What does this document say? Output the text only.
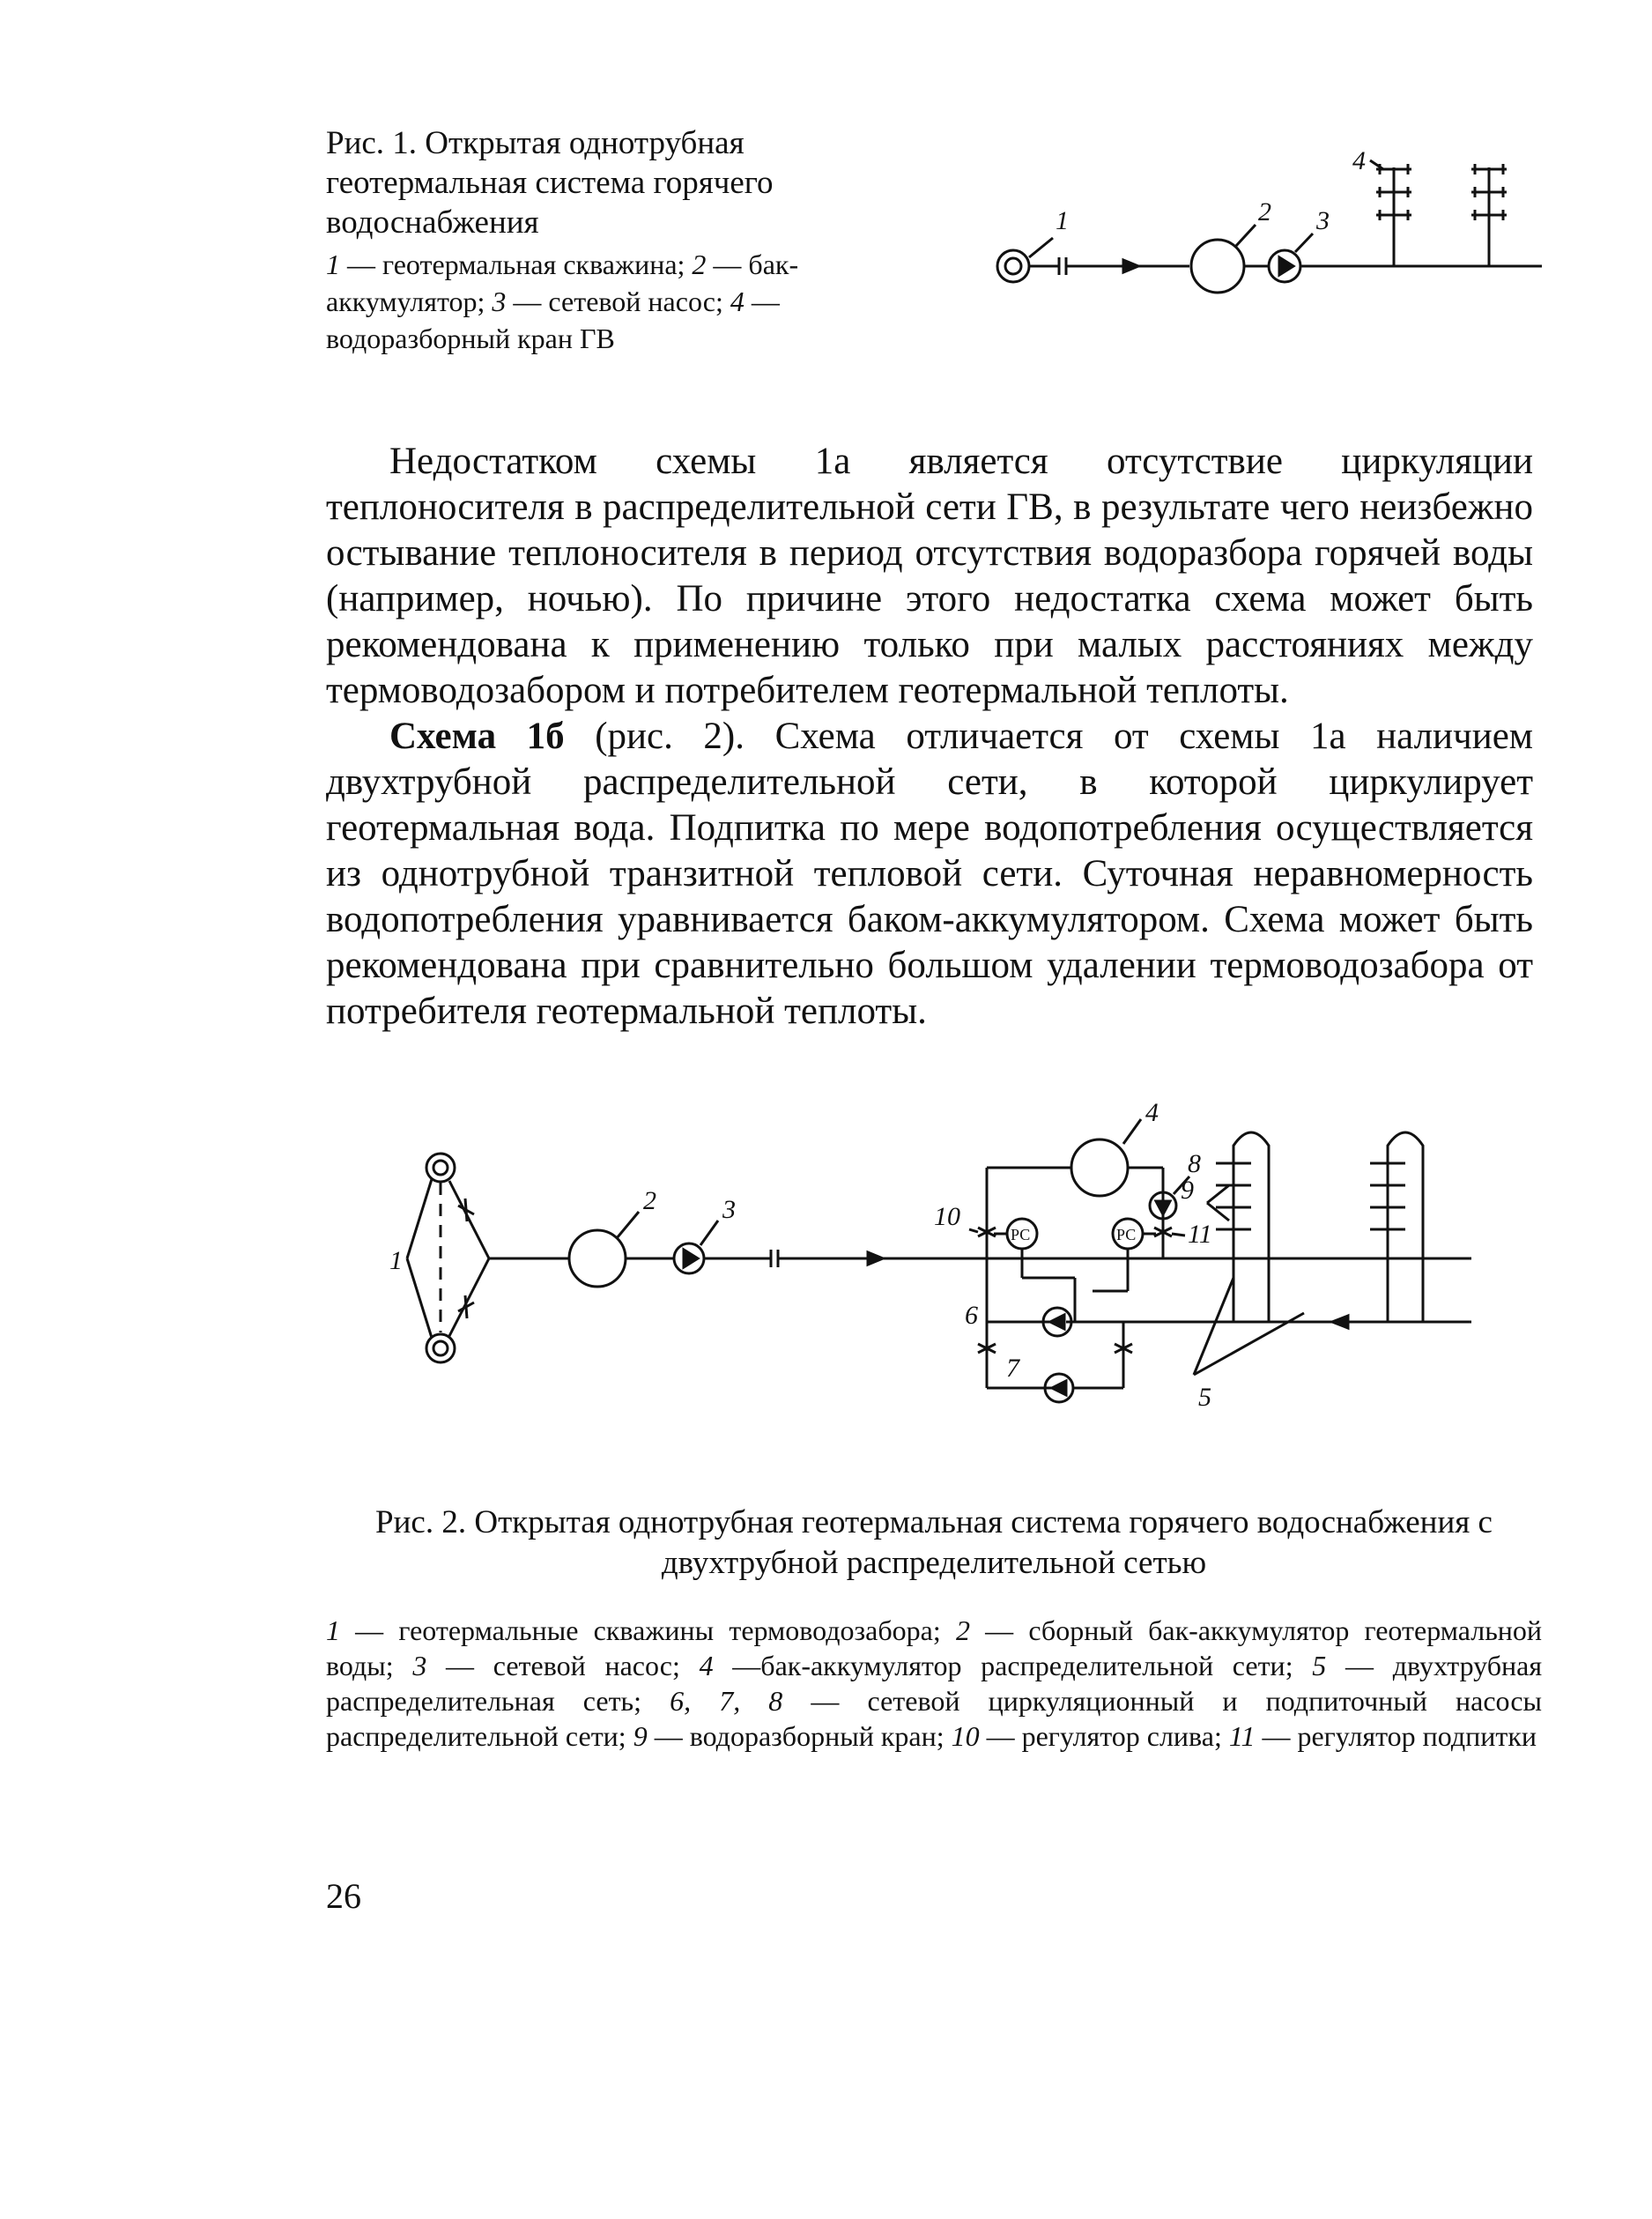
Рис. 1. Открытая однотрубная геотермальная система горячего водоснабжения
1 — геотермальная скважина; 2 — бак-аккумулятор; 3 — сетевой насос; 4 — водоразборный кран ГВ
1	2 3
4

Недостатком схемы 1а является отсутствие циркуляции теплоносителя в распределительной сети ГВ, в результате чего неизбежно остывание теплоносителя в период отсутствия водоразбора горячей воды (например, ночью). По причине этого недостатка схема может быть рекомендована к применению только при малых расстояниях между термоводозабором и потребителем геотермальной теплоты.

Схема 1б (рис. 2). Схема отличается от схемы 1а наличием двухтрубной распределительной сети, в которой циркулирует геотермальная вода. Подпитка по мере водопотребления осуществляется из однотрубной транзитной тепловой сети. Суточная неравномерность водопотребления уравнивается баком-аккумулятором. Схема может быть рекомендована при сравнительно большом удалении термоводозабора от потребителя геотермальной теплоты.

1
2	3
4
5
6
7
8
9
10
11
РС	РС
Рис. 2. Открытая однотрубная геотермальная система горячего водоснабжения с двухтрубной распределительной сетью
1 — геотермальные скважины термоводозабора; 2 — сборный бак-аккумулятор геотермальной воды; 3 — сетевой насос; 4 —бак-аккумулятор распределительной сети; 5 — двухтрубная распределительная сеть; 6, 7, 8 — сетевой циркуляционный и подпиточный насосы распределительной сети; 9 — водоразборный кран; 10 — регулятор слива; 11 — регулятор подпитки
26
